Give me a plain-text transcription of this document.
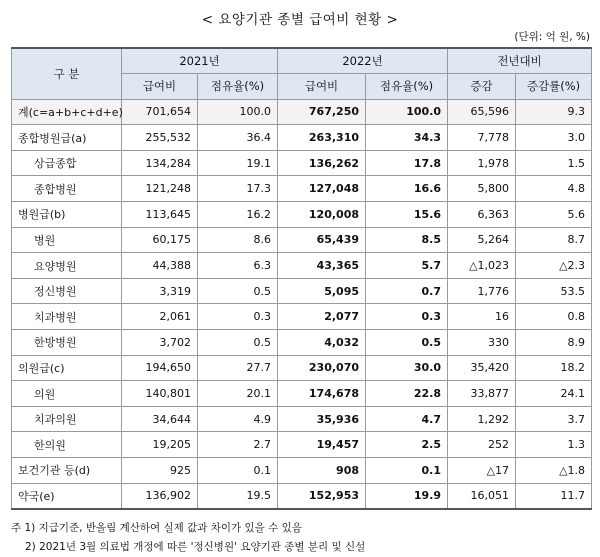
< 요양기관 종별 급여비 현황 >
(단위: 억 원, %)
구 분	2021년		2022년		전년대비	
	급여비	점유율(%)	급여비	점유율(%)	증감	증감률(%)
계(c=a+b+c+d+e)	701,654	100.0	767,250	100.0	65,596	9.3
종합병원급(a)	255,532	36.4	263,310	34.3	7,778	3.0
상급종합	134,284	19.1	136,262	17.8	1,978	1.5
종합병원	121,248	17.3	127,048	16.6	5,800	4.8
병원급(b)	113,645	16.2	120,008	15.6	6,363	5.6
병원	60,175	8.6	65,439	8.5	5,264	8.7
요양병원	44,388	6.3	43,365	5.7	△1,023	△2.3
정신병원	3,319	0.5	5,095	0.7	1,776	53.5
치과병원	2,061	0.3	2,077	0.3	16	0.8
한방병원	3,702	0.5	4,032	0.5	330	8.9
의원급(c)	194,650	27.7	230,070	30.0	35,420	18.2
의원	140,801	20.1	174,678	22.8	33,877	24.1
치과의원	34,644	4.9	35,936	4.7	1,292	3.7
한의원	19,205	2.7	19,457	2.5	252	1.3
보건기관 등(d)	925	0.1	908	0.1	△17	△1.8
약국(e)	136,902	19.5	152,953	19.9	16,051	11.7
주 1) 지급기준, 반올림 계산하여 실제 값과 차이가 있을 수 있음
2) 2021년 3월 의료법 개정에 따른 '정신병원' 요양기관 종별 분리 및 신설
